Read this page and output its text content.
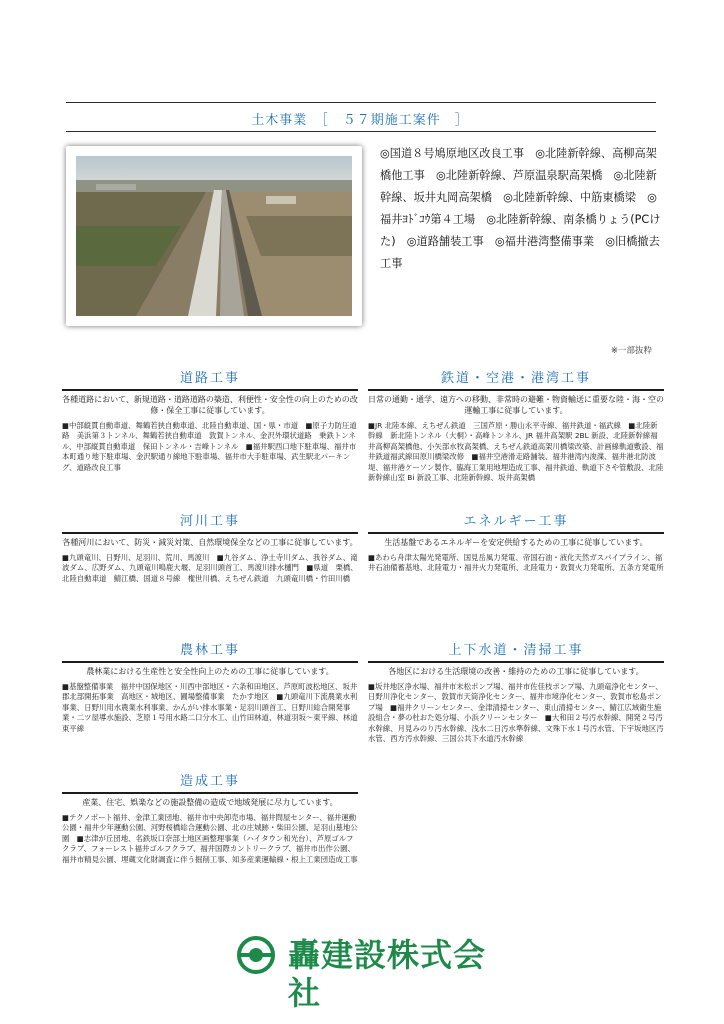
土木事業　［　５７期施工案件　］
◎国道８号鳩原地区改良工事　◎北陸新幹線、高柳高架橋他工事　◎北陸新幹線、芦原温泉駅高架橋　◎北陸新幹線、坂井丸岡高架橋　◎北陸新幹線、中筋東橋梁　◎福井ﾖﾄﾞｺｳ第４工場　◎北陸新幹線、南条橋りょう(PCけた)　◎道路舗装工事　◎福井港湾整備事業　◎旧橋撤去工事
※一部抜粋
道路工事
各種道路において、新規道路・道路道路の築造、利便性・安全性の向上のための改修・保全工事に従事しています。
■中部縦貫自動車道、舞鶴若狭自動車道、北陸自動車道、国・県・市道　■原子力防圧道路　美浜第３トンネル、舞鶴若狭自動車道　敦賀トンネル、金沢外環状道路　乗鉄トンネル、中部縦貫自動車道　保田トンネル・吉峰トンネル　■福井駅西口地下駐車場、福井市本町通り地下駐車場、金沢駅通り線地下駐車場、福井市大手駐車場、武生駅北パーキング、道路改良工事
鉄道・空港・港湾工事
日常の通勤・通学、遠方への移動、非常時の避難・物資輸送に重要な陸・海・空の運輸工事に従事しています。
■JR 北陸本線、えちぜん鉄道　三国芦原・勝山永平寺線、福井鉄道・福武線　■北陸新幹線　新北陸トンネル（大桐）・高峰トンネル、JR 福井高架駅 2BL 新設、北陸新幹線福井高柳高架橋他、小矢部水牧高架橋、えちぜん鉄道高架川橋梁改築、計画線軌道敷設、福井鉄道福武線田原川橋梁改修　■福井空港滑走路舗装、福井港湾内浚渫、福井港北防波堤、福井港ケーソン製作、臨海工業用地埋造成工事、福井鉄道、軌道下さや管敷設、北陸新幹線山室 Bi 新設工事、北陸新幹線、坂井高架橋
河川工事
各種河川において、防災・減災対策、自然環境保全などの工事に従事しています。
■九頭竜川、日野川、足羽川、荒川、馬渡川　■九谷ダム、浄土寺川ダム、我谷ダム、滝波ダム、広野ダム、九頭竜川鳴鹿大堰、足羽川頭首工、馬渡川排水樋門　■県道　栗橋、北陸自動車道　鯖江橋、国道８号線　権世川橋、えちぜん鉄道　九頭竜川橋・竹田川橋
エネルギー工事
生活基盤であるエネルギーを安定供給するための工事に従事しています。
■あわら舟津太陽光発電所、国見岳風力発電、帝国石油・液化天然ガスパイプライン、福井石油備蓄基地、北陸電力・福井火力発電所、北陸電力・敦賀火力発電所、五条方発電所
農林工事
農林業における生産性と安全性向上のための工事に従事しています。
■基盤整備事業　福井中国保地区・川西中部地区・六条和田地区、芦原町波松地区、坂井郡北部開拓事業　高地区・城地区、圃場整備事業　たかす地区　■九頭竜川下流農業水利事業、日野川用水農業水利事業、かんがい排水事業・足羽川頭首工、日野川総合開発事業・二ツ屋導水施設、芝原１号用水路二口分水工、山竹田林道、林道羽坂～東平線、林道東平線
上下水道・清掃工事
各地区における生活環境の改善・維持のための工事に従事しています。
■坂井地区浄水場、福井市末松ポンプ場、福井市佐佳枝ポンプ場、九頭竜浄化センター、日野川浄化センター、敦賀市天筒浄化センター、福井市境浄化センター、敦賀市松島ポンプ場　■福井クリーンセンター、金津清掃センター、東山清掃センター、鯖江広域衛生施設組合・夢の杜おた処分場、小浜クリーンセンター　■大和田２号汚水幹線、開発２号汚水幹線、月見みのり汚水幹線、浅水二日汚水準幹線、文殊下水１号汚水管、下宇坂地区汚水管、西方汚水幹線、三国公共下水道汚水幹線
造成工事
産業、住宅、娯楽などの施設整備の造成で地域発展に尽力しています。
■テクノポート福井、金津工業団地、福井市中央卸売市場、福井問屋センター、福井運動公園・福井少年運動公園、河野桜橋総合運動公園、北の庄城跡・柴田公園、足羽山墓地公園　■志津が丘団地、名鉄坂口奈部土地区画整理事業（ハイタウン和光台）、芦原ゴルフクラブ、フォーレスト福井ゴルフクラブ、福井国際カントリークラブ、福井市出作公園、福井市精見公園、埋蔵文化財調査に伴う掘削工事、知多産業運輸線・根上工業団造成工事
轟建設株式会社
